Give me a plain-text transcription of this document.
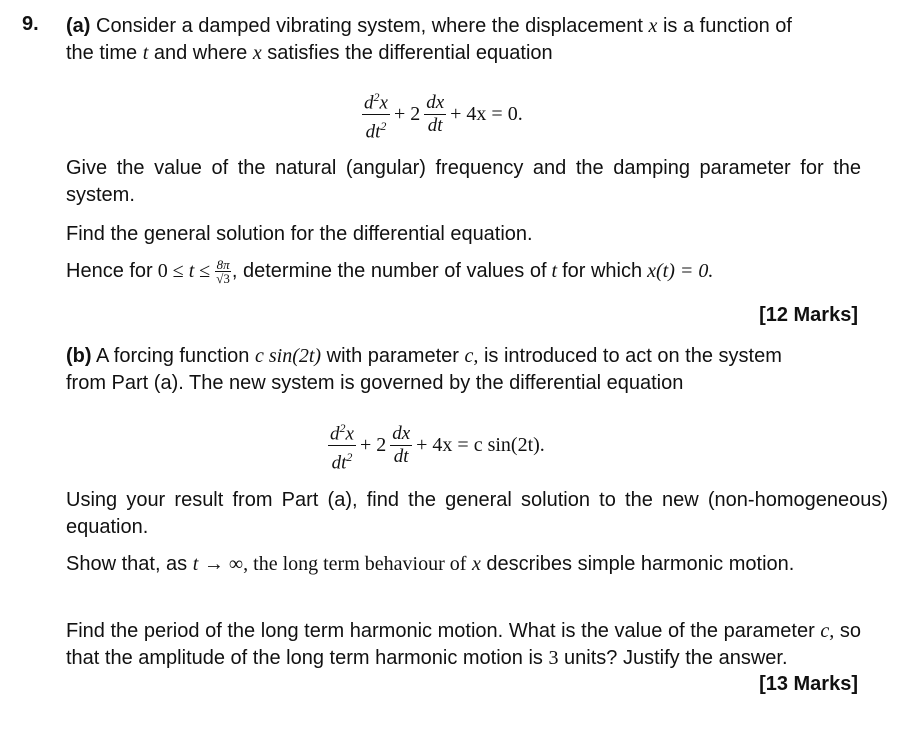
9. (a) Consider a damped vibrating system, where the displacement x is a function of
the time t and where x satisfies the differential equation
$\frac{d^2x}{dt^2} + 2 \frac{dx}{dt} + 4x = 0$.
Give the value of the natural (angular) frequency and the damping parameter for the system.
Find the general solution for the differential equation.
Hence for $0 \le t \le \frac{8\pi}{√3}$ , determine the number of values of t for which x(t) = 0.
[12 Marks]
(b) A forcing function c sin(2t) with parameter c, is introduced to act on the system
from Part (a). The new system is governed by the differential equation
$\frac{d^2x}{dt^2} + 2 \frac{dx}{dt} + 4x = c$ sin(2t).
Using your result from Part (a), find the general solution to the new (non-homogeneous) equation.
Show that, as t → ∞, the long term behaviour of x describes simple harmonic motion.
Find the period of the long term harmonic motion. What is the value of the parameter c, so that the amplitude of the long term harmonic motion is 3 units? Justify the answer.
[13 Marks]
